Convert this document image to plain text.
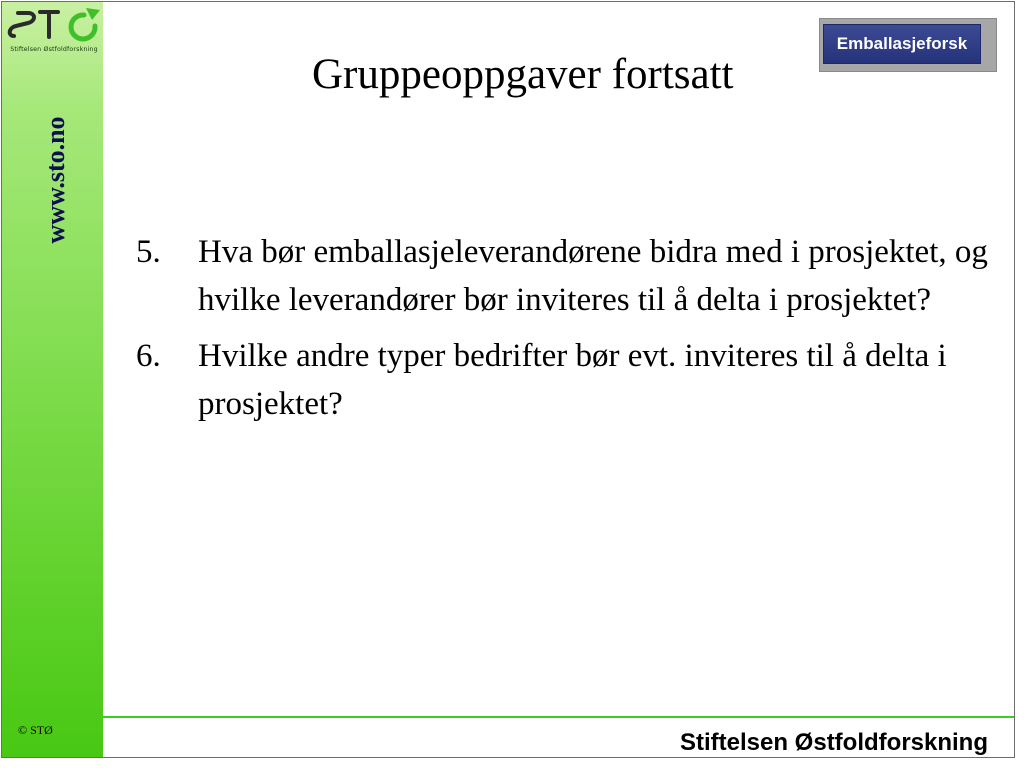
Stiftelsen Østfoldforskning
www.sto.no
© STØ
Gruppeoppgaver fortsatt
Emballasjeforsk
5. Hva bør emballasjeleverandørene bidra med i prosjektet, og hvilke leverandører bør inviteres til å delta i prosjektet?
6. Hvilke andre typer bedrifter bør evt. inviteres til å delta i prosjektet?
Stiftelsen Østfoldforskning
